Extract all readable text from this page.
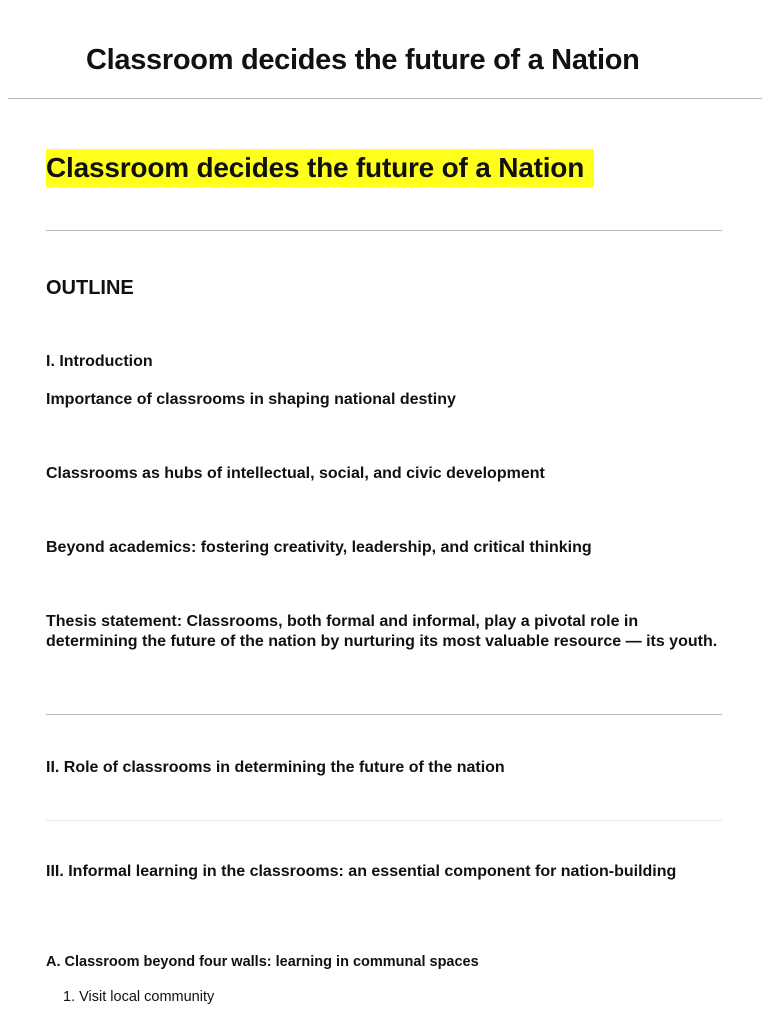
Classroom decides the future of a Nation
Classroom decides the future of a Nation
OUTLINE
I. Introduction
Importance of classrooms in shaping national destiny
Classrooms as hubs of intellectual, social, and civic development
Beyond academics: fostering creativity, leadership, and critical thinking
Thesis statement: Classrooms, both formal and informal, play a pivotal role in determining the future of the nation by nurturing its most valuable resource — its youth.
II. Role of classrooms in determining the future of the nation
III. Informal learning in the classrooms: an essential component for nation-building
A. Classroom beyond four walls: learning in communal spaces
1. Visit local community
